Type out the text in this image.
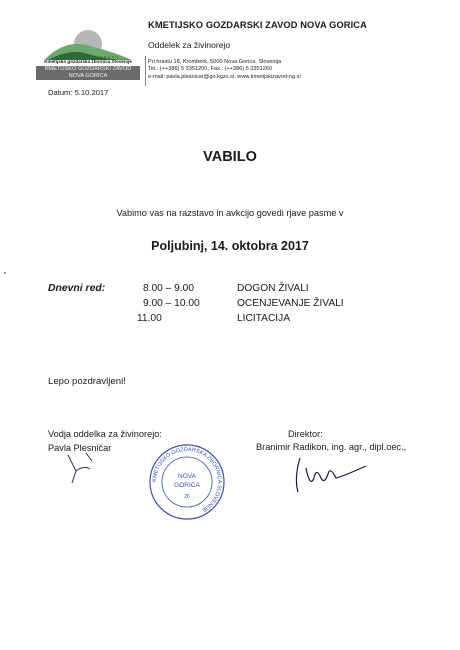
Kmetijsko gozdarska zbornica Slovenije
KMETIJSKO GOZDARSKI ZAVOD
NOVA GORICA
KMETIJSKO GOZDARSKI ZAVOD NOVA GORICA
Oddelek za živinorejo
Pri hrastu 18, Kromberk, 5000 Nova Gorica, Slovenija
Tel.: (++386) 5 3351200, Fax.: (++386) 5 3351260
e-mail: pavla.plesnicar@go.kgzs.si, www.kmetijskizavod-ng.si
Datum: 5.10.2017
VABILO
Vabimo vas na razstavo in avkcijo govedi rjave pasme v
Poljubinj, 14. oktobra 2017
Dnevni red:	8.00 – 9.00	DOGON ŽIVALI
9.00 – 10.00	OCENJEVANJE ŽIVALI
11.00	LICITACIJA
Lepo pozdravljeni!
Vodja oddelka za živinorejo:
Pavla Plesničar
Direktor:
Branimir Radikon, ing. agr., dipl.oec.,
KMETIJSKO GOZDARSKA ZBORNICA SLOVENIJE
NOVA
GORICA
26
